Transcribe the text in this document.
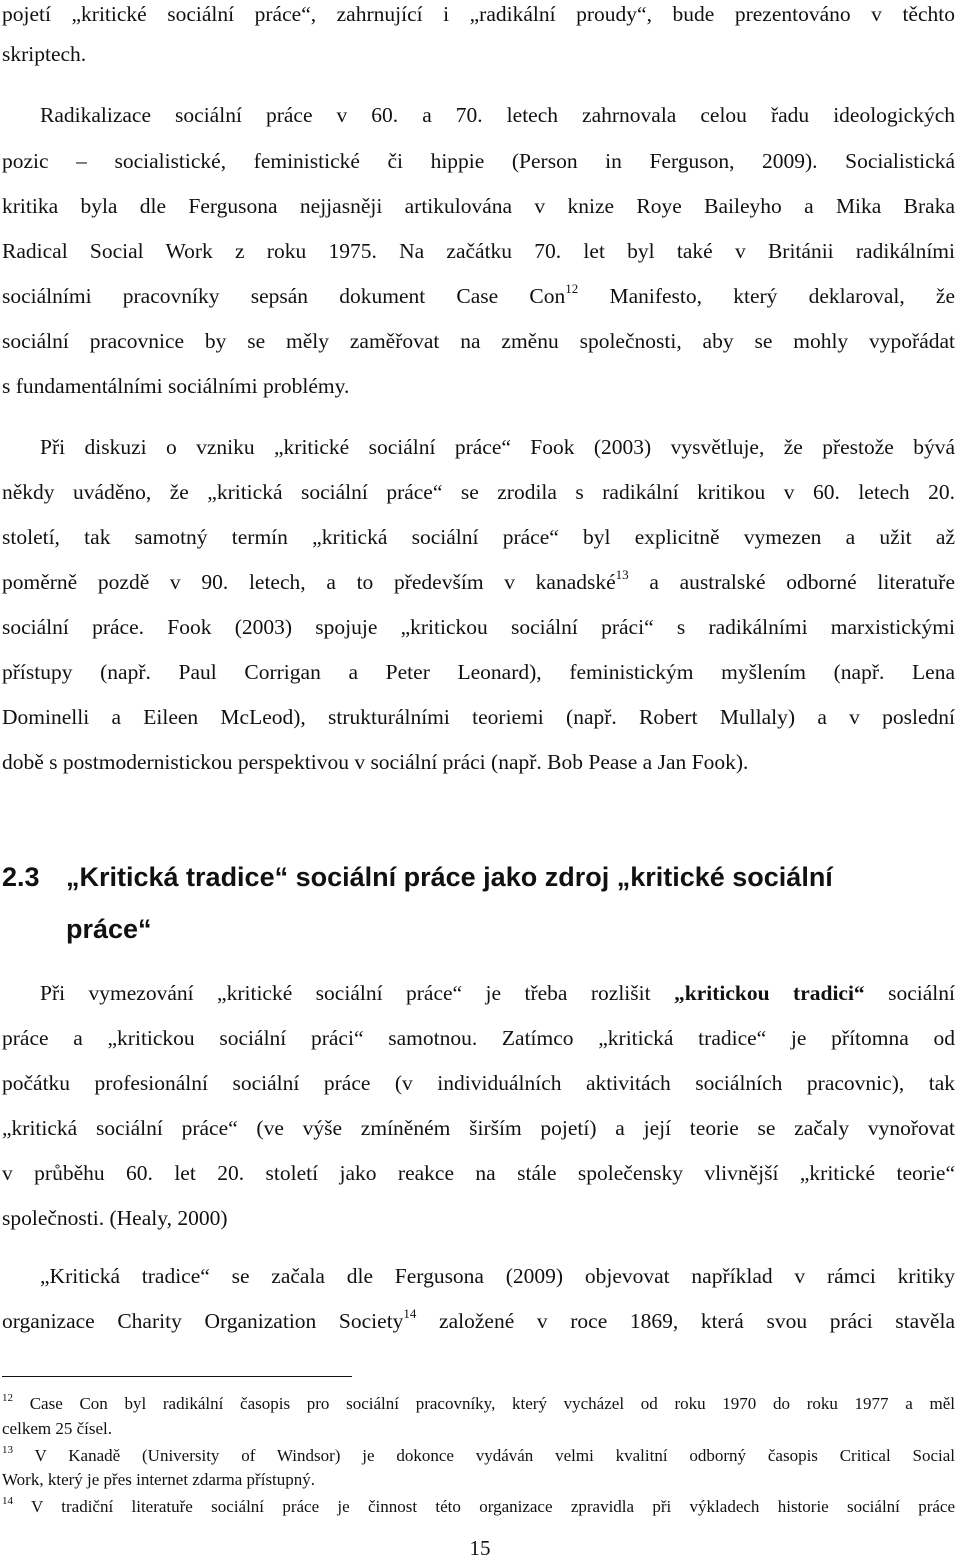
pojetí „kritické sociální práce“, zahrnující i „radikální proudy“, bude prezentováno v těchto
skriptech.
Radikalizace sociální práce v 60. a 70. letech zahrnovala celou řadu ideologických
pozic – socialistické, feministické či hippie (Person in Ferguson, 2009). Socialistická
kritika byla dle Fergusona nejjasněji artikulována v knize Roye Baileyho a Mika Braka
Radical Social Work z roku 1975. Na začátku 70. let byl také v Británii radikálními
sociálními pracovníky sepsán dokument Case Con$^{12}$ Manifesto, který deklaroval, že
sociální pracovnice by se měly zaměřovat na změnu společnosti, aby se mohly vypořádat
s fundamentálními sociálními problémy.
Při diskuzi o vzniku „kritické sociální práce“ Fook (2003) vysvětluje, že přestože bývá
někdy uváděno, že „kritická sociální práce“ se zrodila s radikální kritikou v 60. letech 20.
století, tak samotný termín „kritická sociální práce“ byl explicitně vymezen a užit až
poměrně pozdě v 90. letech, a to především v kanadské$^{13}$ a australské odborné literatuře
sociální práce. Fook (2003) spojuje „kritickou sociální práci“ s radikálními marxistickými
přístupy (např. Paul Corrigan a Peter Leonard), feministickým myšlením (např. Lena
Dominelli a Eileen McLeod), strukturálními teoriemi (např. Robert Mullaly) a v poslední
době s postmodernistickou perspektivou v sociální práci (např. Bob Pease a Jan Fook).
2.3 „Kritická tradice“ sociální práce jako zdroj „kritické sociální
práce“
Při vymezování „kritické sociální práce“ je třeba rozlišit „kritickou tradici“ sociální
práce a „kritickou sociální práci“ samotnou. Zatímco „kritická tradice“ je přítomna od
počátku profesionální sociální práce (v individuálních aktivitách sociálních pracovnic), tak
„kritická sociální práce“ (ve výše zmíněném širším pojetí) a její teorie se začaly vynořovat
v průběhu 60. let 20. století jako reakce na stále společensky vlivnější „kritické teorie“
společnosti. (Healy, 2000)
„Kritická tradice“ se začala dle Fergusona (2009) objevovat například v rámci kritiky
organizace Charity Organization Society$^{14}$ založené v roce 1869, která svou práci stavěla
$^{12}$ Case Con byl radikální časopis pro sociální pracovníky, který vycházel od roku 1970 do roku 1977 a měl
celkem 25 čísel.
$^{13}$ V Kanadě (University of Windsor) je dokonce vydáván velmi kvalitní odborný časopis Critical Social
Work, který je přes internet zdarma přístupný.
$^{14}$ V tradiční literatuře sociální práce je činnost této organizace zpravidla při výkladech historie sociální práce
15
